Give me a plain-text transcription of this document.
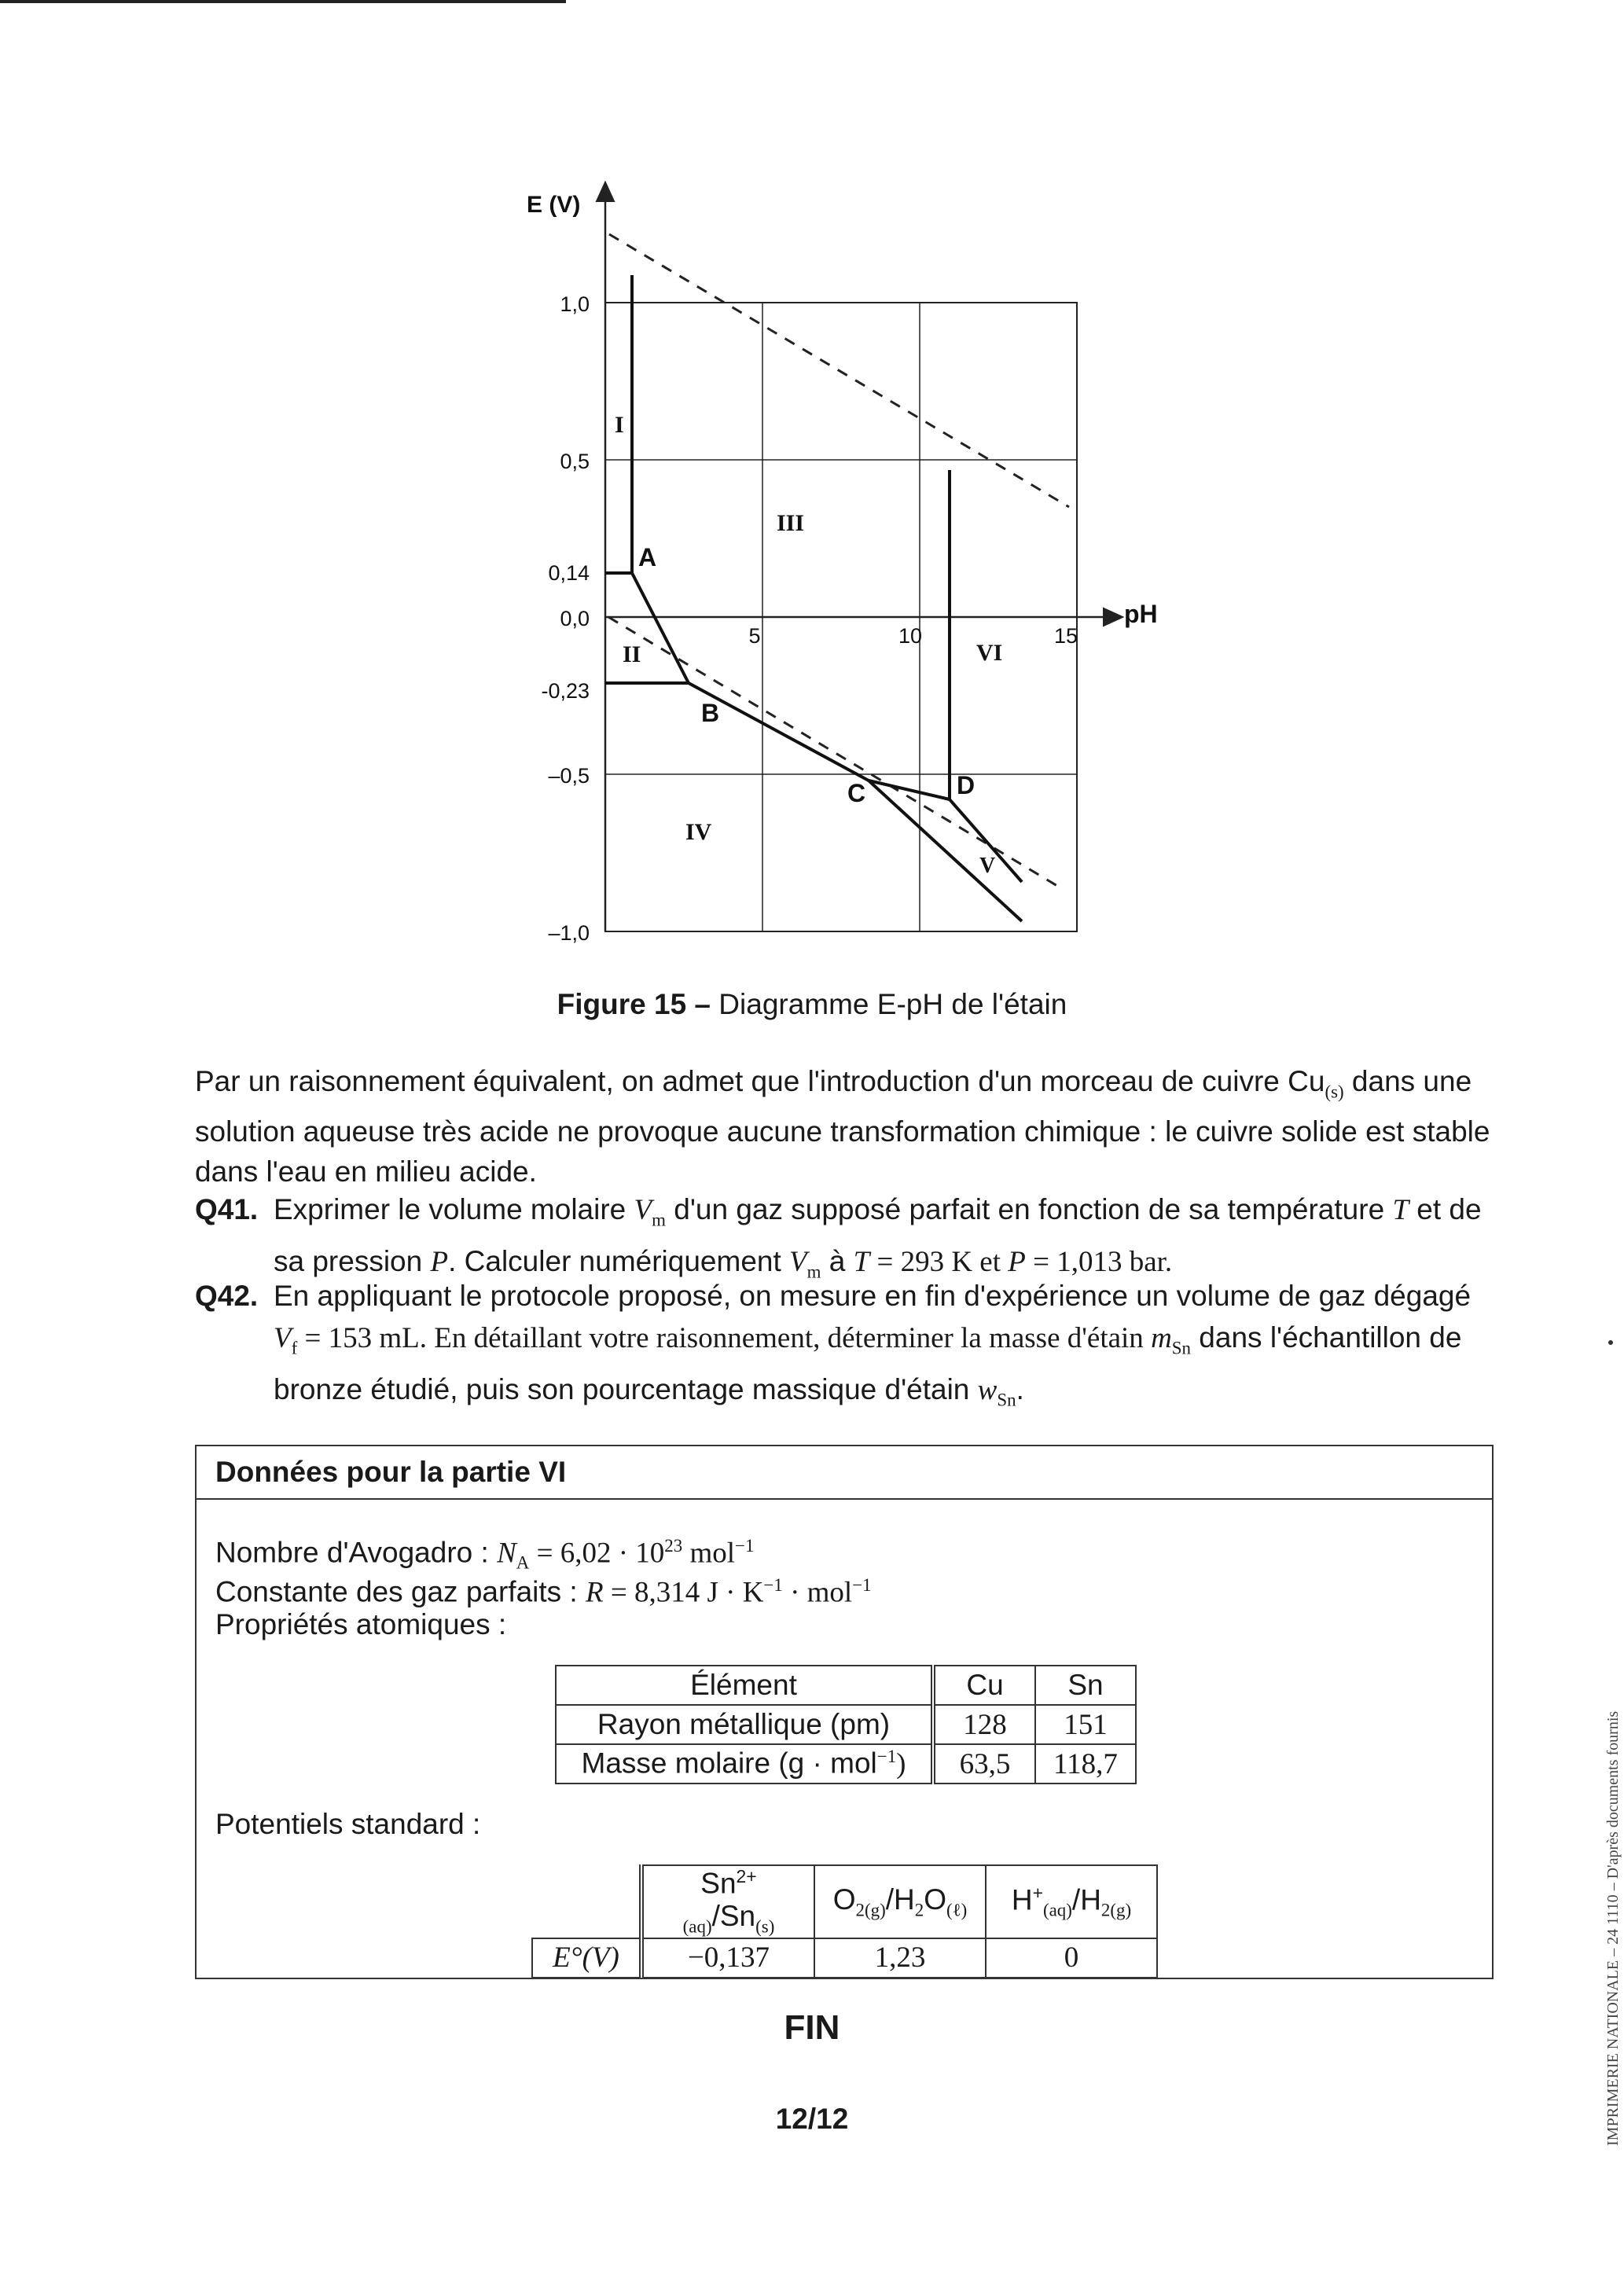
E (V)
pH
1,0
0,5
0,14
0,0
-0,23
–0,5
–1,0
5	10	15
I
II
III
IV
V
VI
A
B
C	D
Figure 15 – Diagramme E-pH de l'étain
Par un raisonnement équivalent, on admet que l'introduction d'un morceau de cuivre $Cu_{(s)}$ dans une solution aqueuse très acide ne provoque aucune transformation chimique : le cuivre solide est stable dans l'eau en milieu acide.
Q41. Exprimer le volume molaire $V_m$ d'un gaz supposé parfait en fonction de sa température T et de sa pression P. Calculer numériquement $V_m$ à T = 293 K et P = 1,013 bar.
Q42. En appliquant le protocole proposé, on mesure en fin d'expérience un volume de gaz dégagé $V_f = 153$ mL. En détaillant votre raisonnement, déterminer la masse d'étain $m_{Sn}$ dans l'échantillon de bronze étudié, puis son pourcentage massique d'étain $w_{Sn}$.
Données pour la partie VI
Nombre d'Avogadro : $N_A = 6,02 \cdot 10^{23}$ mol$^{-1}$
Constante des gaz parfaits : R = 8,314 $J \cdot K^{-1} \cdot mol^{-1}$
Propriétés atomiques :
Élément	Cu	Sn
Rayon métallique (pm)	128	151
Masse molaire (g · mol$^{-1}$)	63,5	118,7
Potentiels standard :
	$Sn^{2+}_{(aq)}/Sn_{(s)}$	$O_{2(g)}/H_2O_{(\ell)}$	$H^+_{(aq)}/H_{2(g)}$
E°(V)	−0,137	1,23	0
FIN
12/12	IMPRIMERIE NATIONALE – 24 1110 – D'après documents fournis
